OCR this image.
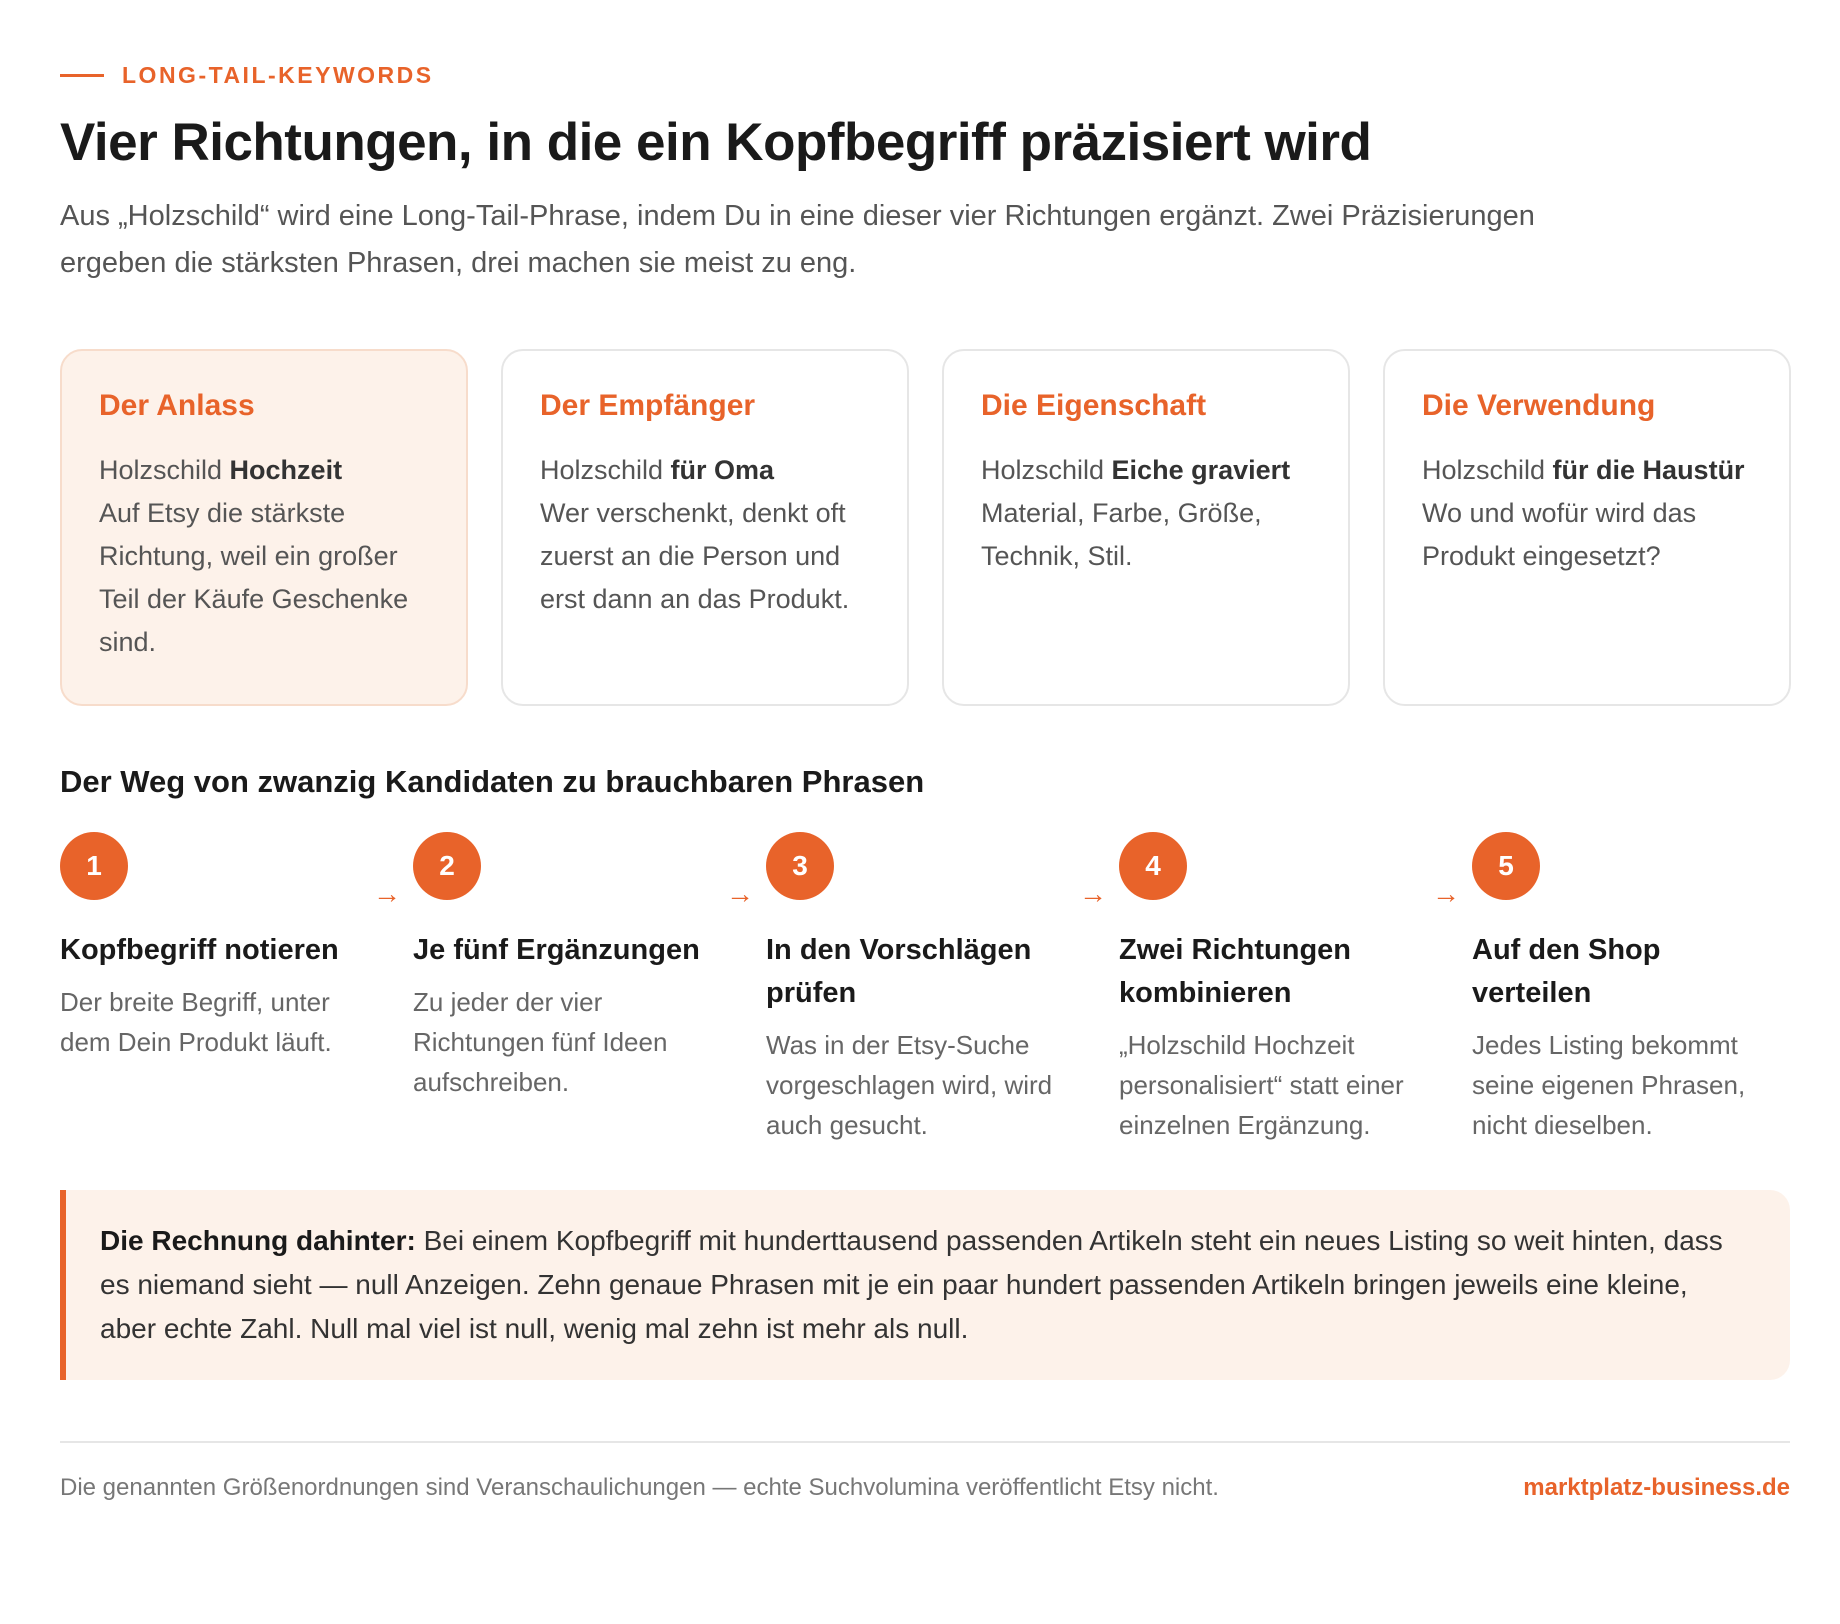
LONG-TAIL-KEYWORDS
Vier Richtungen, in die ein Kopfbegriff präzisiert wird

Aus „Holzschild“ wird eine Long-Tail-Phrase, indem Du in eine dieser vier Richtungen ergänzt. Zwei Präzisierungen ergeben die stärksten Phrasen, drei machen sie meist zu eng.

Der Anlass
Holzschild Hochzeit
Auf Etsy die stärkste Richtung, weil ein großer Teil der Käufe Geschenke sind.
Der Empfänger
Holzschild für Oma
Wer verschenkt, denkt oft zuerst an die Person und erst dann an das Produkt.
Die Eigenschaft
Holzschild Eiche graviert
Material, Farbe, Größe, Technik, Stil.
Die Verwendung
Holzschild für die Haustür
Wo und wofür wird das Produkt eingesetzt?
Der Weg von zwanzig Kandidaten zu brauchbaren Phrasen
1
Kopfbegriff notieren
Der breite Begriff, unter dem Dein Produkt läuft.
→
2
Je fünf Ergänzungen
Zu jeder der vier Richtungen fünf Ideen aufschreiben.
→
3
In den Vorschlägen prüfen
Was in der Etsy-Suche vorgeschlagen wird, wird auch gesucht.
→
4
Zwei Richtungen kombinieren
„Holzschild Hochzeit personalisiert“ statt einer einzelnen Ergänzung.
→
5
Auf den Shop verteilen
Jedes Listing bekommt seine eigenen Phrasen, nicht dieselben.
Die Rechnung dahinter: Bei einem Kopfbegriff mit hunderttausend passenden Artikeln steht ein neues Listing so weit hinten, dass es niemand sieht — null Anzeigen. Zehn genaue Phrasen mit je ein paar hundert passenden Artikeln bringen jeweils eine kleine, aber echte Zahl. Null mal viel ist null, wenig mal zehn ist mehr als null.
Die genannten Größenordnungen sind Veranschaulichungen — echte Suchvolumina veröffentlicht Etsy nicht.	marktplatz-business.de
